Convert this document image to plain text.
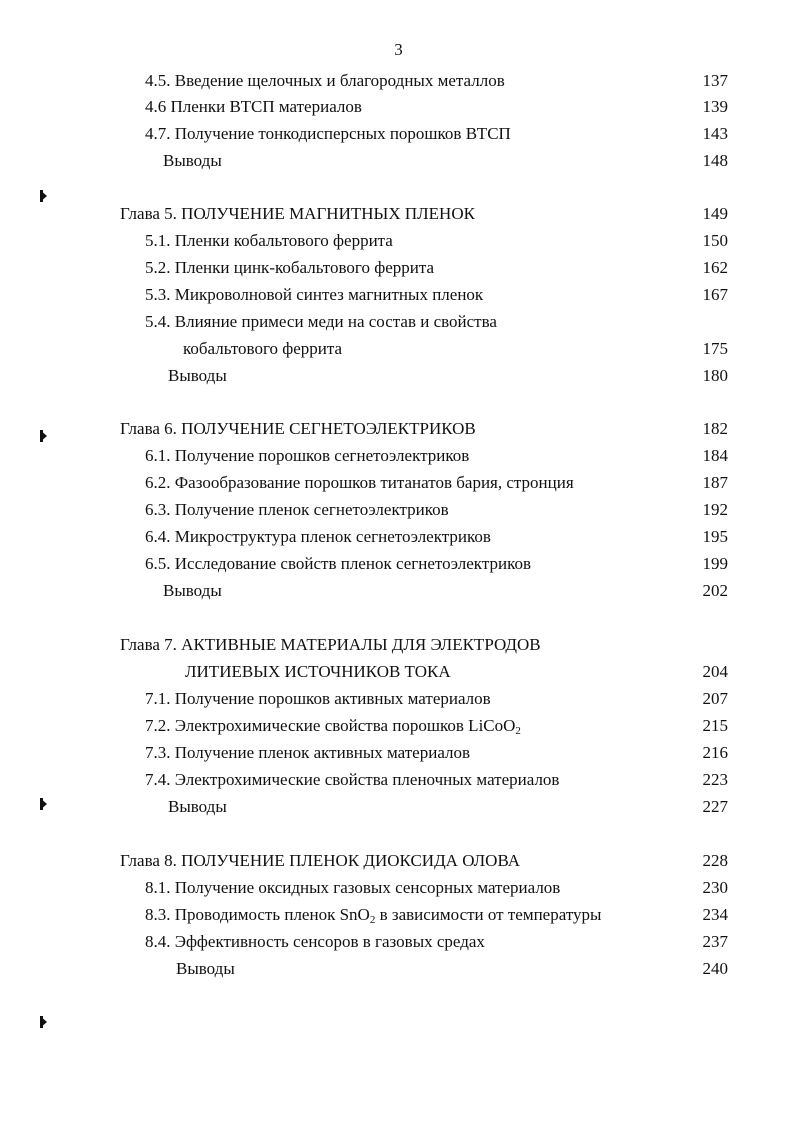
3
4.5. Введение щелочных и благородных металлов	137
4.6 Пленки ВТСП материалов	139
4.7. Получение тонкодисперсных порошков ВТСП	143
Выводы	148
Глава 5. ПОЛУЧЕНИЕ МАГНИТНЫХ ПЛЕНОК	149
5.1. Пленки кобальтового феррита	150
5.2. Пленки цинк-кобальтового феррита	162
5.3. Микроволновой синтез магнитных пленок	167
5.4. Влияние примеси меди на состав и свойства
кобальтового феррита	175
Выводы	180
Глава 6. ПОЛУЧЕНИЕ СЕГНЕТОЭЛЕКТРИКОВ	182
6.1. Получение порошков сегнетоэлектриков	184
6.2. Фазообразование порошков титанатов бария, стронция	187
6.3. Получение пленок сегнетоэлектриков	192
6.4. Микроструктура пленок сегнетоэлектриков	195
6.5. Исследование свойств пленок сегнетоэлектриков	199
Выводы	202
Глава 7. АКТИВНЫЕ МАТЕРИАЛЫ ДЛЯ ЭЛЕКТРОДОВ
ЛИТИЕВЫХ ИСТОЧНИКОВ ТОКА	204
7.1. Получение порошков активных материалов	207
7.2. Электрохимические свойства порошков LiCoO$_2$	215
7.3. Получение пленок активных материалов	216
7.4. Электрохимические свойства пленочных материалов	223
Выводы	227
Глава 8. ПОЛУЧЕНИЕ ПЛЕНОК ДИОКСИДА ОЛОВА	228
8.1. Получение оксидных газовых сенсорных материалов	230
8.3. Проводимость пленок SnO$_2$ в зависимости от температуры	234
8.4. Эффективность сенсоров в газовых средах	237
Выводы	240
